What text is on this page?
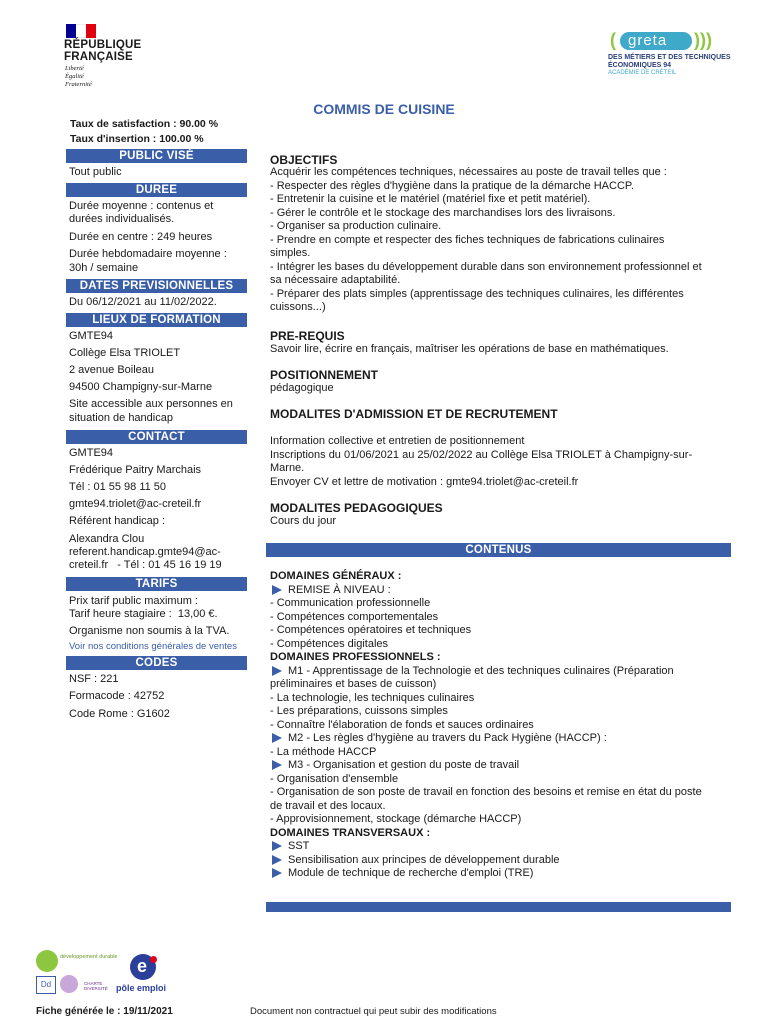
RÉPUBLIQUE
FRANÇAISE
Liberté
Égalité
Fraternité
( greta )))
DES MÉTIERS ET DES TECHNIQUES
ÉCONOMIQUES 94
ACADÉMIE DE CRÉTEIL
COMMIS DE CUISINE
Taux de satisfaction : 90.00 %
Taux d'insertion : 100.00 %
PUBLIC VISÉ
Tout public
DUREE
Durée moyenne : contenus et
durées individualisés.
Durée en centre : 249 heures
Durée hebdomadaire moyenne :
30h / semaine
DATES PREVISIONNELLES
Du 06/12/2021 au 11/02/2022.
LIEUX DE FORMATION
GMTE94
Collège Elsa TRIOLET
2 avenue Boileau
94500 Champigny-sur-Marne
Site accessible aux personnes en
situation de handicap
CONTACT
GMTE94
Frédérique Paitry Marchais
Tél : 01 55 98 11 50
gmte94.triolet@ac-creteil.fr
Référent handicap :
Alexandra Clou
referent.handicap.gmte94@ac-
creteil.fr   - Tél : 01 45 16 19 19
TARIFS
Prix tarif public maximum :
Tarif heure stagiaire :  13,00 €.
Organisme non soumis à la TVA.
Voir nos conditions générales de ventes
CODES
NSF : 221
Formacode : 42752
Code Rome : G1602
OBJECTIFS
Acquérir les compétences techniques, nécessaires au poste de travail telles que :
- Respecter des règles d'hygiène dans la pratique de la démarche HACCP.
- Entretenir la cuisine et le matériel (matériel fixe et petit matériel).
- Gérer le contrôle et le stockage des marchandises lors des livraisons.
- Organiser sa production culinaire.
- Prendre en compte et respecter des fiches techniques de fabrications culinaires
simples.
- Intégrer les bases du développement durable dans son environnement professionnel et
sa nécessaire adaptabilité.
- Préparer des plats simples (apprentissage des techniques culinaires, les différentes
cuissons...)
PRE-REQUIS
Savoir lire, écrire en français, maîtriser les opérations de base en mathématiques.
POSITIONNEMENT
pédagogique
MODALITES D'ADMISSION ET DE RECRUTEMENT
Information collective et entretien de positionnement
Inscriptions du 01/06/2021 au 25/02/2022 au Collège Elsa TRIOLET à Champigny-sur-
Marne.
Envoyer CV et lettre de motivation : gmte94.triolet@ac-creteil.fr
MODALITES PEDAGOGIQUES
Cours du jour
CONTENUS
DOMAINES GÉNÉRAUX :
REMISE À NIVEAU :
- Communication professionnelle
- Compétences comportementales
- Compétences opératoires et techniques
- Compétences digitales
DOMAINES PROFESSIONNELS :
M1 - Apprentissage de la Technologie et des techniques culinaires (Préparation
préliminaires et bases de cuisson)
- La technologie, les techniques culinaires
- Les préparations, cuissons simples
- Connaître l'élaboration de fonds et sauces ordinaires
M2 - Les règles d'hygiène au travers du Pack Hygiène (HACCP) :
- La méthode HACCP
M3 - Organisation et gestion du poste de travail
- Organisation d'ensemble
- Organisation de son poste de travail en fonction des besoins et remise en état du poste
de travail et des locaux.
- Approvisionnement, stockage (démarche HACCP)
DOMAINES TRANSVERSAUX :
SST
Sensibilisation aux principes de développement durable
Module de technique de recherche d'emploi (TRE)
développement durable
Dd	CHARTE DIVERSITÉ
e
pôle emploi
Fiche générée le : 19/11/2021	Document non contractuel qui peut subir des modifications
